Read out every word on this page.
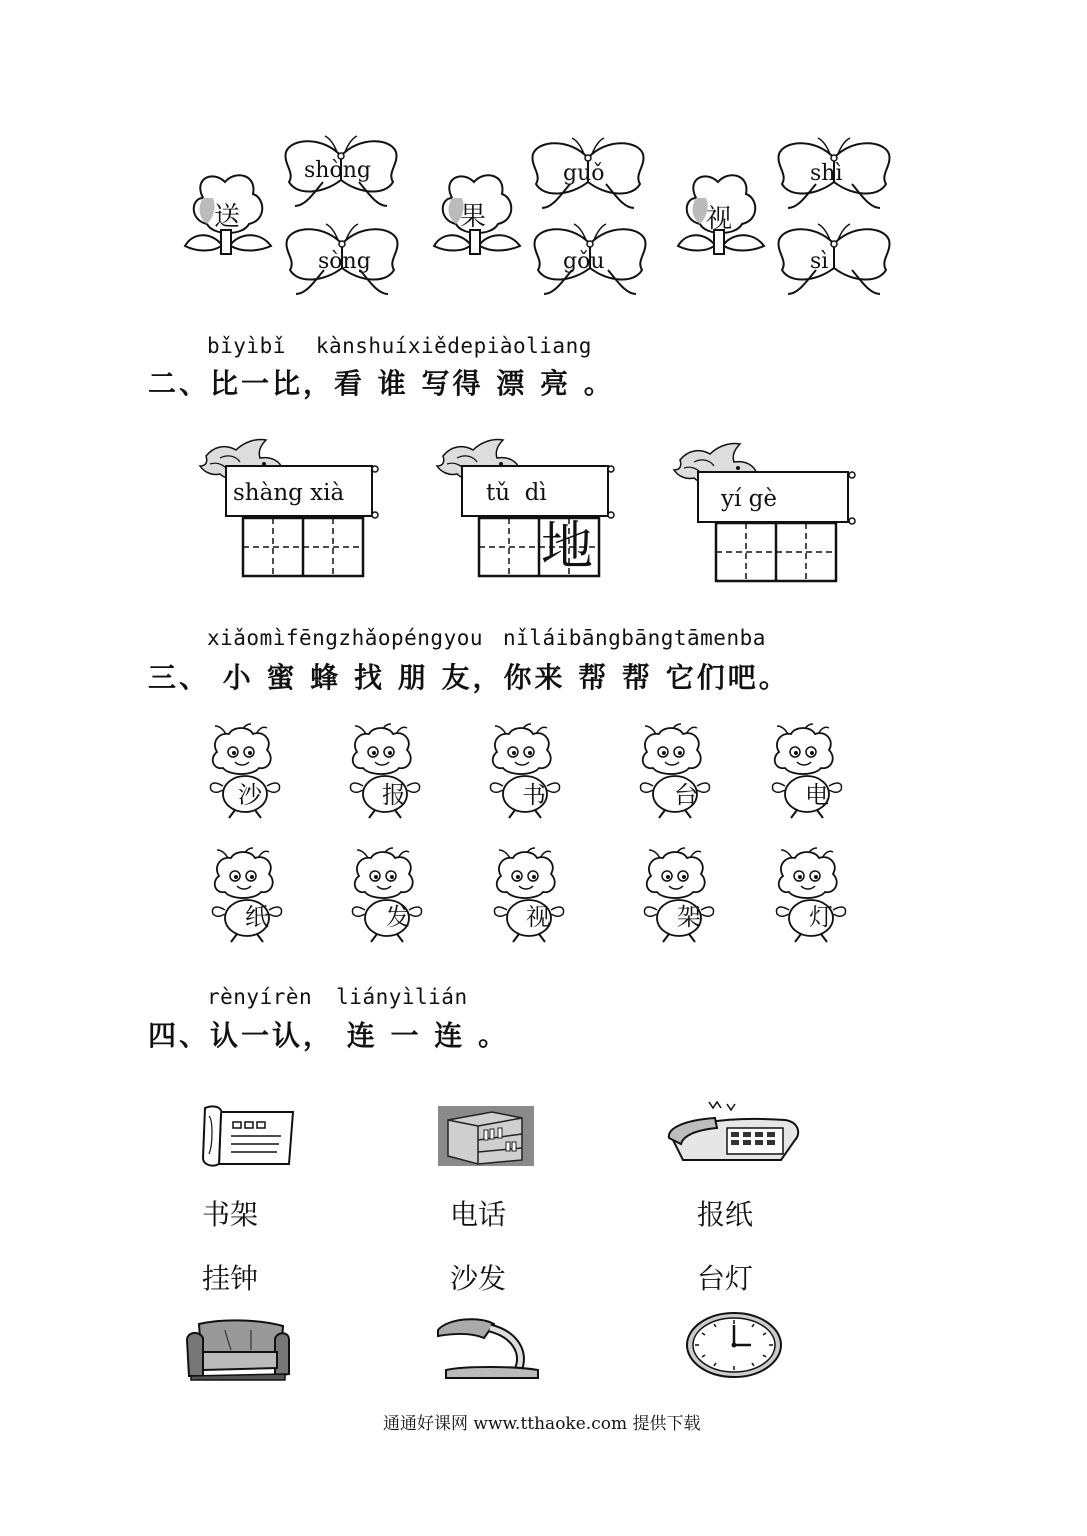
送
shòng
sòng
果
guǒ
gǒu
视
shì
sì
bǐyìbǐ kànshuíxiědepiàoliang
二、比一比，看 谁 写得 漂 亮 。
shàng xià	tǔ  dì
地
yí gè
xiǎomìfēngzhǎopéngyou nǐláibāngbāngtāmenba
三、 小 蜜 蜂 找 朋 友，你来 帮 帮 它们吧。
沙	报	书	台	电
纸	发	视	架	灯
rènyírèn liányìlián
四、认一认， 连 一 连 。
书架	电话	报纸
挂钟	沙发	台灯
通通好课网 www.tthaoke.com 提供下载
